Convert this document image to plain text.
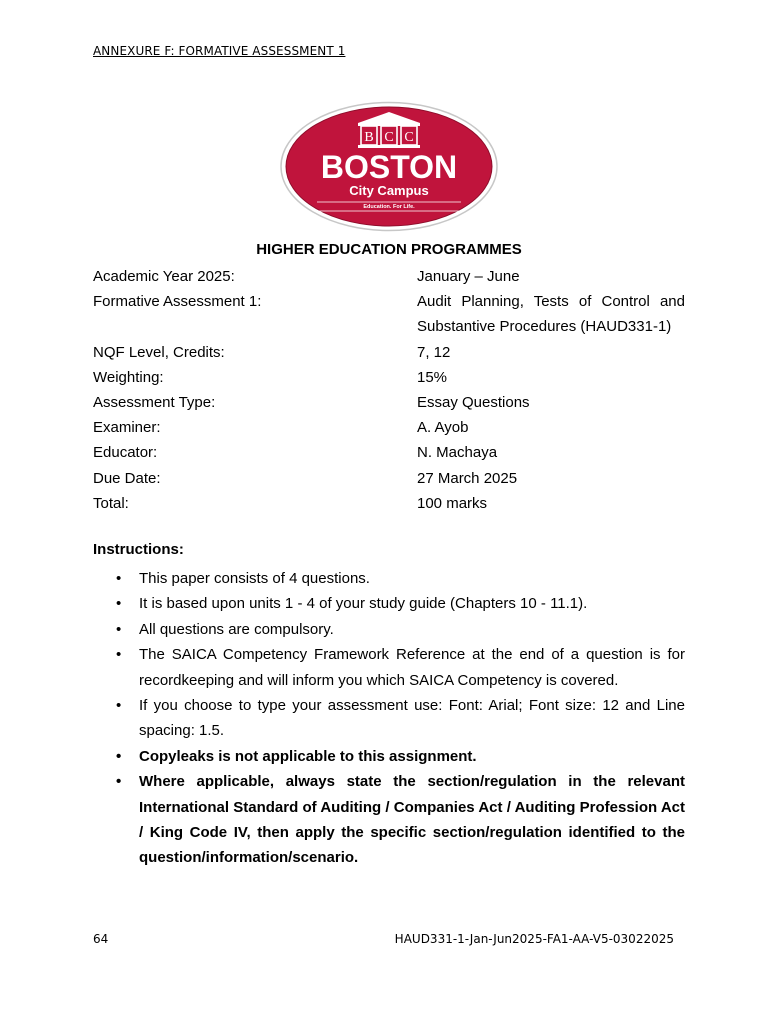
ANNEXURE F: FORMATIVE ASSESSMENT 1
B C C
BOSTON
City Campus
Education. For Life.
HIGHER EDUCATION PROGRAMMES
Academic Year 2025:	January – June
Formative Assessment 1:	Audit Planning, Tests of Control and Substantive Procedures (HAUD331-1)
NQF Level, Credits:	7, 12
Weighting:	15%
Assessment Type:	Essay Questions
Examiner:	A. Ayob
Educator:	N. Machaya
Due Date:	27 March 2025
Total:	100 marks
Instructions:
• This paper consists of 4 questions.
• It is based upon units 1 - 4 of your study guide (Chapters 10 - 11.1).
• All questions are compulsory.
• The SAICA Competency Framework Reference at the end of a question is for recordkeeping and will inform you which SAICA Competency is covered.
• If you choose to type your assessment use: Font: Arial; Font size: 12 and Line spacing: 1.5.
• Copyleaks is not applicable to this assignment.
• Where applicable, always state the section/regulation in the relevant International Standard of Auditing / Companies Act / Auditing Profession Act / King Code IV, then apply the specific section/regulation identified to the question/information/scenario.
64	HAUD331-1-Jan-Jun2025-FA1-AA-V5-03022025
